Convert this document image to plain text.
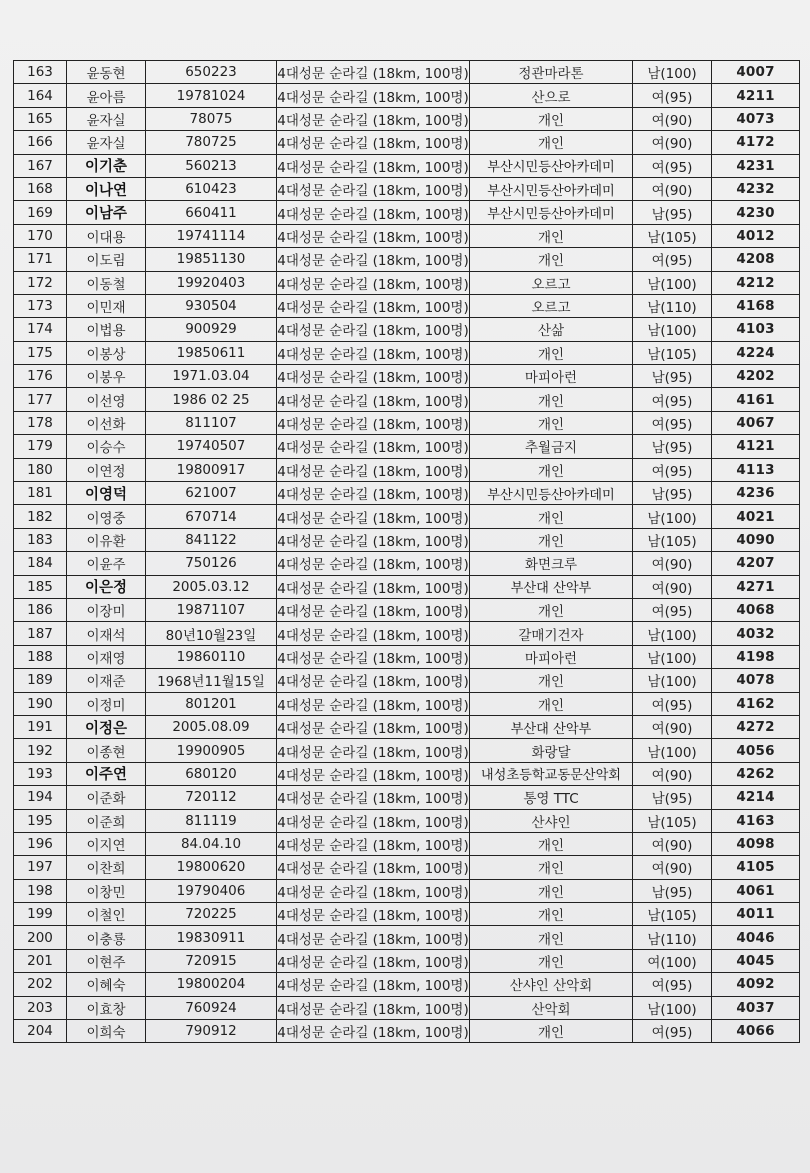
163	윤동현	650223	4대성문 순라길 (18km, 100명)	정관마라톤	남(100)	4007
164	윤아름	19781024	4대성문 순라길 (18km, 100명)	산으로	여(95)	4211
165	윤자실	78075	4대성문 순라길 (18km, 100명)	개인	여(90)	4073
166	윤자실	780725	4대성문 순라길 (18km, 100명)	개인	여(90)	4172
167	이기춘	560213	4대성문 순라길 (18km, 100명)	부산시민등산아카데미	여(95)	4231
168	이나연	610423	4대성문 순라길 (18km, 100명)	부산시민등산아카데미	여(90)	4232
169	이남주	660411	4대성문 순라길 (18km, 100명)	부산시민등산아카데미	남(95)	4230
170	이대용	19741114	4대성문 순라길 (18km, 100명)	개인	남(105)	4012
171	이도림	19851130	4대성문 순라길 (18km, 100명)	개인	여(95)	4208
172	이동철	19920403	4대성문 순라길 (18km, 100명)	오르고	남(100)	4212
173	이민재	930504	4대성문 순라길 (18km, 100명)	오르고	남(110)	4168
174	이법용	900929	4대성문 순라길 (18km, 100명)	산삶	남(100)	4103
175	이봉상	19850611	4대성문 순라길 (18km, 100명)	개인	남(105)	4224
176	이봉우	1971.03.04	4대성문 순라길 (18km, 100명)	마피아런	남(95)	4202
177	이선영	1986 02 25	4대성문 순라길 (18km, 100명)	개인	여(95)	4161
178	이선화	811107	4대성문 순라길 (18km, 100명)	개인	여(95)	4067
179	이승수	19740507	4대성문 순라길 (18km, 100명)	추월금지	남(95)	4121
180	이연정	19800917	4대성문 순라길 (18km, 100명)	개인	여(95)	4113
181	이영덕	621007	4대성문 순라길 (18km, 100명)	부산시민등산아카데미	남(95)	4236
182	이영중	670714	4대성문 순라길 (18km, 100명)	개인	남(100)	4021
183	이유환	841122	4대성문 순라길 (18km, 100명)	개인	남(105)	4090
184	이윤주	750126	4대성문 순라길 (18km, 100명)	화면크루	여(90)	4207
185	이은정	2005.03.12	4대성문 순라길 (18km, 100명)	부산대 산악부	여(90)	4271
186	이장미	19871107	4대성문 순라길 (18km, 100명)	개인	여(95)	4068
187	이재석	80년10월23일	4대성문 순라길 (18km, 100명)	갈매기건자	남(100)	4032
188	이재영	19860110	4대성문 순라길 (18km, 100명)	마피아런	남(100)	4198
189	이재준	1968년11월15일	4대성문 순라길 (18km, 100명)	개인	남(100)	4078
190	이정미	801201	4대성문 순라길 (18km, 100명)	개인	여(95)	4162
191	이정은	2005.08.09	4대성문 순라길 (18km, 100명)	부산대 산악부	여(90)	4272
192	이종현	19900905	4대성문 순라길 (18km, 100명)	화랑달	남(100)	4056
193	이주연	680120	4대성문 순라길 (18km, 100명)	내성초등학교동문산악회	여(90)	4262
194	이준화	720112	4대성문 순라길 (18km, 100명)	통영 TTC	남(95)	4214
195	이준희	811119	4대성문 순라길 (18km, 100명)	산샤인	남(105)	4163
196	이지연	84.04.10	4대성문 순라길 (18km, 100명)	개인	여(90)	4098
197	이찬희	19800620	4대성문 순라길 (18km, 100명)	개인	여(90)	4105
198	이창민	19790406	4대성문 순라길 (18km, 100명)	개인	남(95)	4061
199	이철인	720225	4대성문 순라길 (18km, 100명)	개인	남(105)	4011
200	이충룡	19830911	4대성문 순라길 (18km, 100명)	개인	남(110)	4046
201	이현주	720915	4대성문 순라길 (18km, 100명)	개인	여(100)	4045
202	이혜숙	19800204	4대성문 순라길 (18km, 100명)	산샤인 산악회	여(95)	4092
203	이효창	760924	4대성문 순라길 (18km, 100명)	산악회	남(100)	4037
204	이희숙	790912	4대성문 순라길 (18km, 100명)	개인	여(95)	4066
